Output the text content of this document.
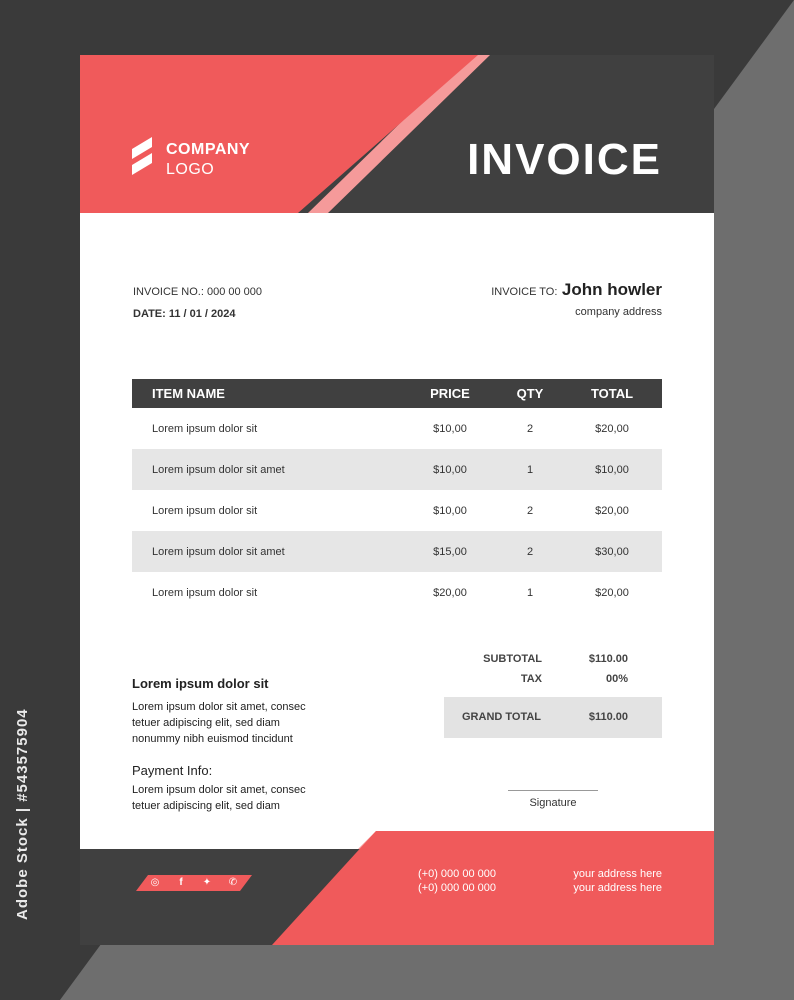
Adobe Stock | #543575904
COMPANY
LOGO	INVOICE
INVOICE NO.: 000 00 000
DATE: 11 / 01 / 2024
INVOICE TO: John howler
company address
ITEM NAME	PRICE	QTY	TOTAL
Lorem ipsum dolor sit	$10,00	2	$20,00
Lorem ipsum dolor sit amet	$10,00	1	$10,00
Lorem ipsum dolor sit	$10,00	2	$20,00
Lorem ipsum dolor sit amet	$15,00	2	$30,00
Lorem ipsum dolor sit	$20,00	1	$20,00
SUBTOTAL	$110.00
TAX	00%
GRAND TOTAL	$110.00
Lorem ipsum dolor sit

Lorem ipsum dolor sit amet, consec

tetuer adipiscing elit, sed diam

nonummy nibh euismod tincidunt

Payment Info:

Lorem ipsum dolor sit amet, consec

tetuer adipiscing elit, sed diam	Signature
◎	f	✦	✆
(+0) 000 00 000
(+0) 000 00 000
your address here
your address here
